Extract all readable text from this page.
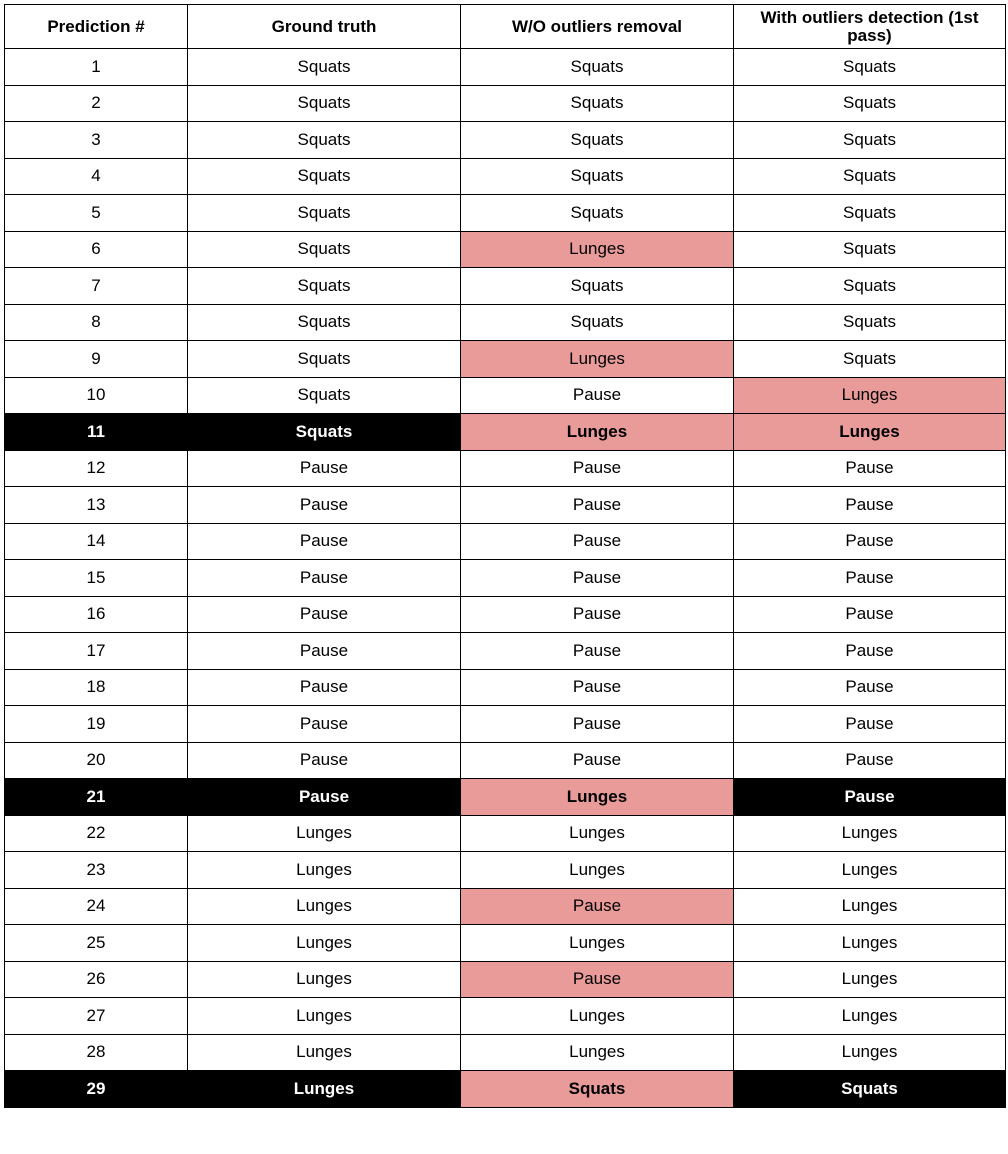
Prediction #	Ground truth	W/O outliers removal	With outliers detection (1st pass)
1	Squats	Squats	Squats
2	Squats	Squats	Squats
3	Squats	Squats	Squats
4	Squats	Squats	Squats
5	Squats	Squats	Squats
6	Squats	Lunges	Squats
7	Squats	Squats	Squats
8	Squats	Squats	Squats
9	Squats	Lunges	Squats
10	Squats	Pause	Lunges
11	Squats	Lunges	Lunges
12	Pause	Pause	Pause
13	Pause	Pause	Pause
14	Pause	Pause	Pause
15	Pause	Pause	Pause
16	Pause	Pause	Pause
17	Pause	Pause	Pause
18	Pause	Pause	Pause
19	Pause	Pause	Pause
20	Pause	Pause	Pause
21	Pause	Lunges	Pause
22	Lunges	Lunges	Lunges
23	Lunges	Lunges	Lunges
24	Lunges	Pause	Lunges
25	Lunges	Lunges	Lunges
26	Lunges	Pause	Lunges
27	Lunges	Lunges	Lunges
28	Lunges	Lunges	Lunges
29	Lunges	Squats	Squats
